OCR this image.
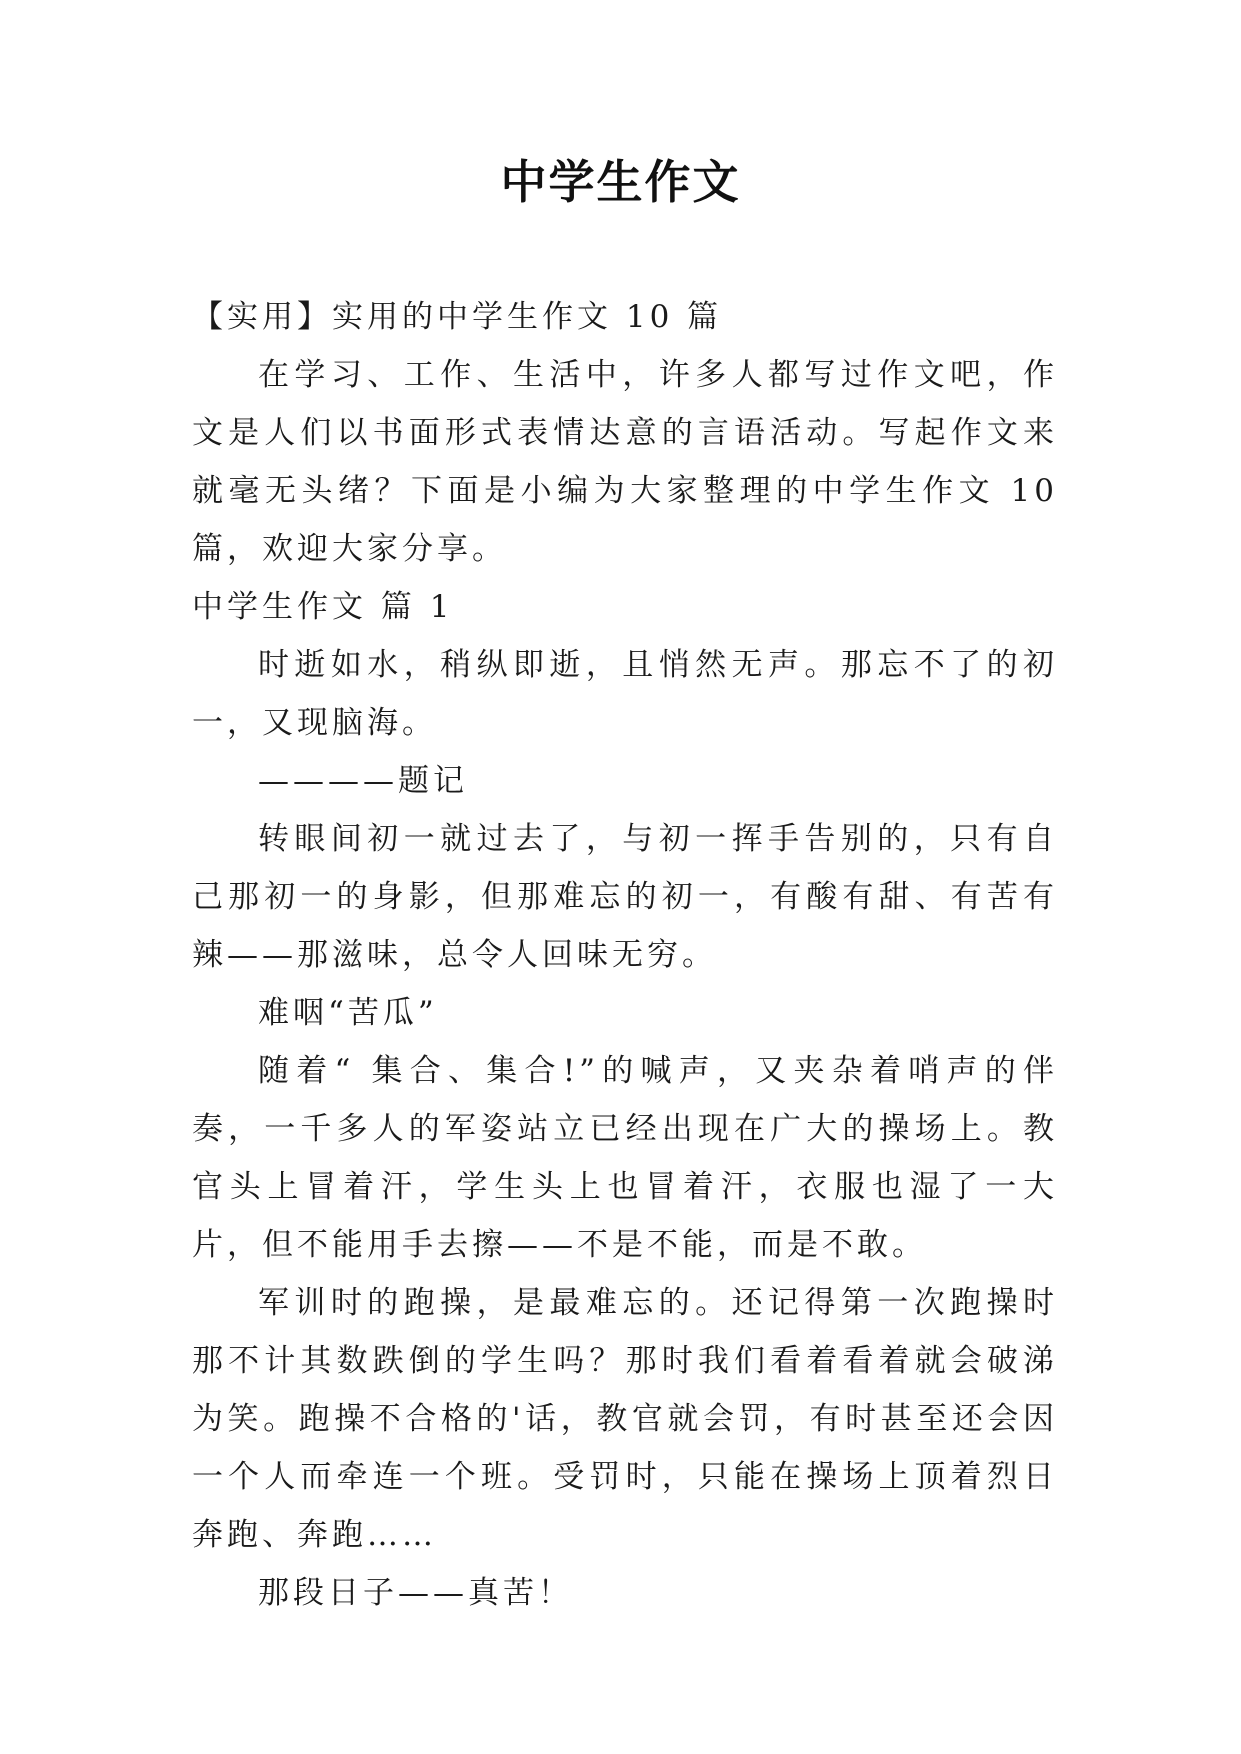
中学生作文

【实用】实用的中学生作文 10 篇

在学习、工作、生活中，许多人都写过作文吧，作文是人们以书面形式表情达意的言语活动。写起作文来就毫无头绪？下面是小编为大家整理的中学生作文 10 篇，欢迎大家分享。

中学生作文 篇 1

时逝如水，稍纵即逝，且悄然无声。那忘不了的初一，又现脑海。

————题记

转眼间初一就过去了，与初一挥手告别的，只有自己那初一的身影，但那难忘的初一，有酸有甜、有苦有辣——那滋味，总令人回味无穷。

难咽“苦瓜”

随着“ 集合、集合!”的喊声，又夹杂着哨声的伴奏，一千多人的军姿站立已经出现在广大的操场上。教官头上冒着汗，学生头上也冒着汗，衣服也湿了一大片，但不能用手去擦——不是不能，而是不敢。

军训时的跑操，是最难忘的。还记得第一次跑操时那不计其数跌倒的学生吗？那时我们看着看着就会破涕为笑。跑操不合格的'话，教官就会罚，有时甚至还会因一个人而牵连一个班。受罚时，只能在操场上顶着烈日奔跑、奔跑……

那段日子——真苦！
